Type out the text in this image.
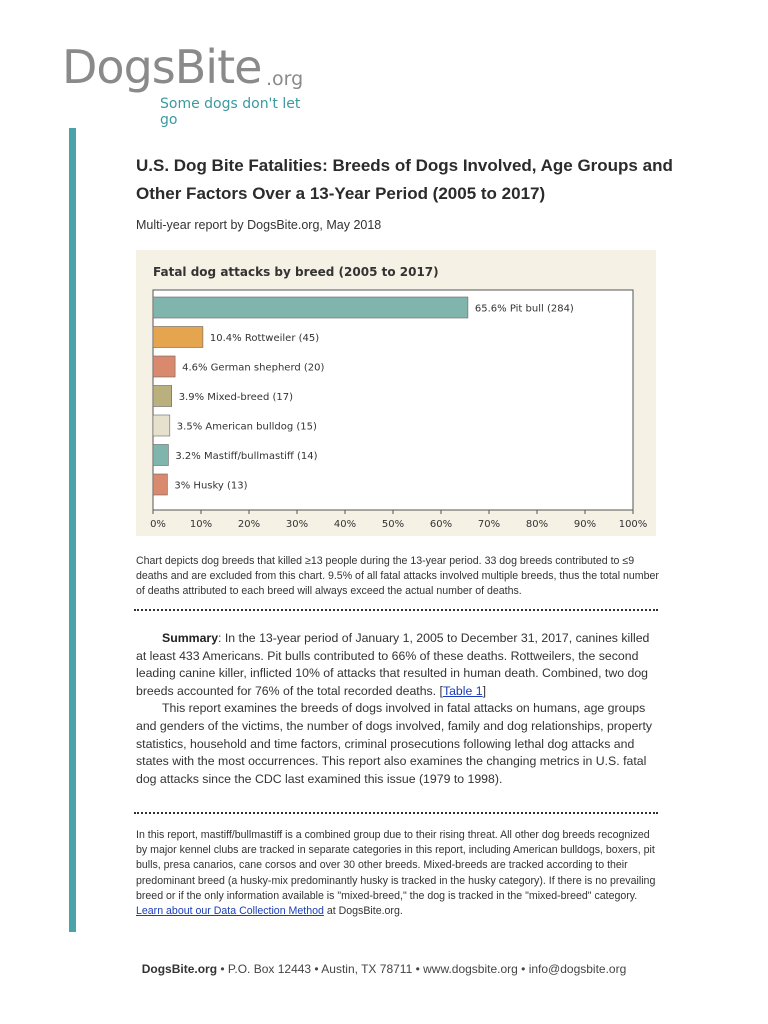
DogsBite .org
Some dogs don't let go
U.S. Dog Bite Fatalities: Breeds of Dogs Involved, Age Groups and Other Factors Over a 13-Year Period (2005 to 2017)
Multi-year report by DogsBite.org, May 2018
Fatal dog attacks by breed (2005 to 2017)
65.6% Pit bull (284)
10.4% Rottweiler (45)
4.6% German shepherd (20)
3.9% Mixed-breed (17)
3.5% American bulldog (15)
3.2% Mastiff/bullmastiff (14)
3% Husky (13)
0% 10%	20%	30%	40%	50%	60%	70%	80%	90% 100%

Chart depicts dog breeds that killed ≥13 people during the 13-year period. 33 dog breeds contributed to ≤9 deaths and are excluded from this chart. 9.5% of all fatal attacks involved multiple breeds, thus the total number of deaths attributed to each breed will always exceed the actual number of deaths.

Summary: In the 13-year period of January 1, 2005 to December 31, 2017, canines killed at least 433 Americans. Pit bulls contributed to 66% of these deaths. Rottweilers, the second leading canine killer, inflicted 10% of attacks that resulted in human death. Combined, two dog breeds accounted for 76% of the total recorded deaths. [Table 1]

This report examines the breeds of dogs involved in fatal attacks on humans, age groups and genders of the victims, the number of dogs involved, family and dog relationships, property statistics, household and time factors, criminal prosecutions following lethal dog attacks and states with the most occurrences. This report also examines the changing metrics in U.S. fatal dog attacks since the CDC last examined this issue (1979 to 1998).

In this report, mastiff/bullmastiff is a combined group due to their rising threat. All other dog breeds recognized by major kennel clubs are tracked in separate categories in this report, including American bulldogs, boxers, pit bulls, presa canarios, cane corsos and over 30 other breeds. Mixed-breeds are tracked according to their predominant breed (a husky-mix predominantly husky is tracked in the husky category). If there is no prevailing breed or if the only information available is "mixed-breed," the dog is tracked in the "mixed-breed" category. Learn about our Data Collection Method at DogsBite.org.

DogsBite.org • P.O. Box 12443 • Austin, TX 78711 • www.dogsbite.org • info@dogsbite.org
